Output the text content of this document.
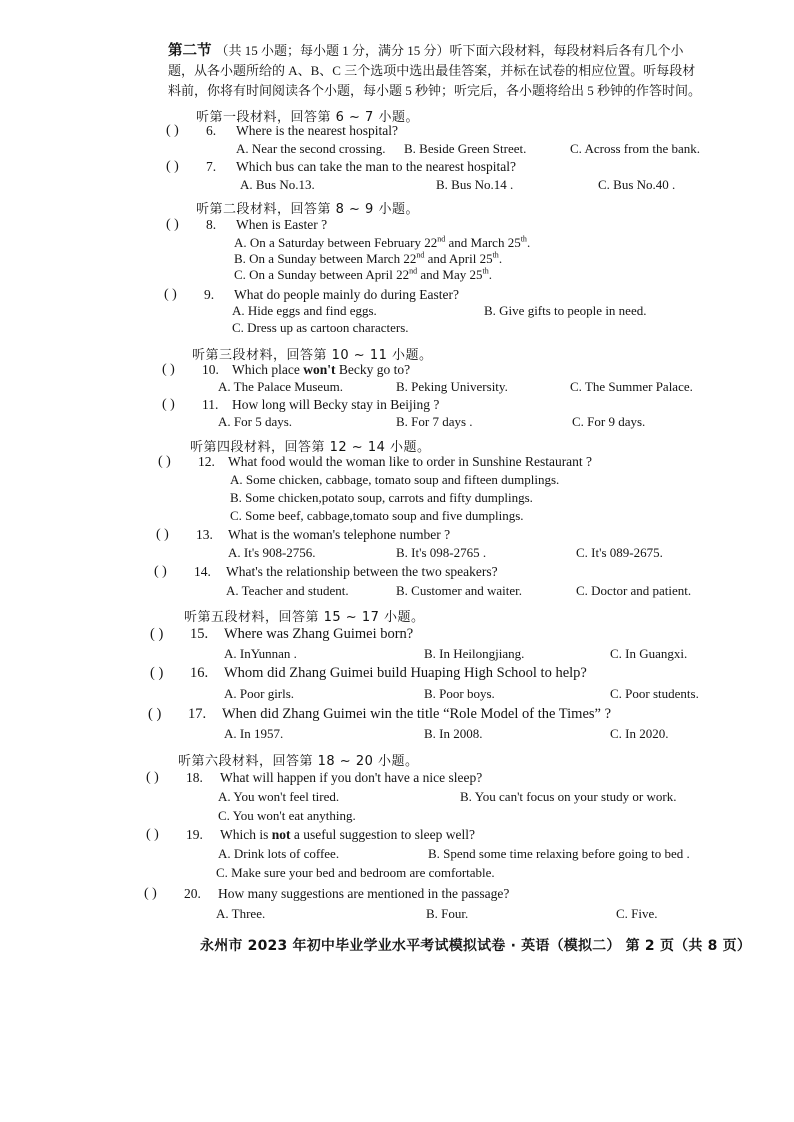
第二节 （共 15 小题；每小题 1 分，满分 15 分）听下面六段材料，每段材料后各有几个小
题，从各小题所给的 A、B、C 三个选项中选出最佳答案，并标在试卷的相应位置。听每段材
料前，你将有时间阅读各个小题，每小题 5 秒钟；听完后，各小题将给出 5 秒钟的作答时间。
听第一段材料，回答第 6 ~ 7 小题。
( ) 6. Where is the nearest hospital?
A. Near the second crossing. B. Beside Green Street.	C. Across from the bank.
( ) 7. Which bus can take the man to the nearest hospital?
A. Bus No.13.	B. Bus No.14 .	C. Bus No.40 .
听第二段材料，回答第 8 ~ 9 小题。
( ) 8. When is Easter ?
A. On a Saturday between February 22nd and March 25th.
B. On a Sunday between March 22nd and April 25th.
C. On a Sunday between April 22nd and May 25th.
( ) 9. What do people mainly do during Easter?
A. Hide eggs and find eggs.	B. Give gifts to people in need.
C. Dress up as cartoon characters.
听第三段材料，回答第 10 ~ 11 小题。
( ) 10. Which place won't Becky go to?
A. The Palace Museum.	B. Peking University.	C. The Summer Palace.
( ) 11. How long will Becky stay in Beijing ?
A. For 5 days.	B. For 7 days .	C. For 9 days.
听第四段材料，回答第 12 ~ 14 小题。
( ) 12. What food would the woman like to order in Sunshine Restaurant ?
A. Some chicken, cabbage, tomato soup and fifteen dumplings.
B. Some chicken,potato soup, carrots and fifty dumplings.
C. Some beef, cabbage,tomato soup and five dumplings.
( ) 13. What is the woman's telephone number ?
A. It's 908-2756.	B. It's 098-2765 .	C. It's 089-2675.
( ) 14. What's the relationship between the two speakers?
A. Teacher and student.	B. Customer and waiter.	C. Doctor and patient.
听第五段材料，回答第 15 ~ 17 小题。
( ) 15. Where was Zhang Guimei born?
A. InYunnan .	B. In Heilongjiang.	C. In Guangxi.
( ) 16. Whom did Zhang Guimei build Huaping High School to help?
A. Poor girls.	B. Poor boys.	C. Poor students.
( ) 17. When did Zhang Guimei win the title “Role Model of the Times” ?
A. In 1957.	B. In 2008.	C. In 2020.
听第六段材料，回答第 18 ~ 20 小题。
( ) 18. What will happen if you don't have a nice sleep?
A. You won't feel tired.	B. You can't focus on your study or work.
C. You won't eat anything.
( ) 19. Which is not a useful suggestion to sleep well?
A. Drink lots of coffee.	B. Spend some time relaxing before going to bed .
C. Make sure your bed and bedroom are comfortable.
( ) 20. How many suggestions are mentioned in the passage?
A. Three.	B. Four.	C. Five.
永州市 2023 年初中毕业学业水平考试模拟试卷 · 英语（模拟二） 第 2 页（共 8 页）
